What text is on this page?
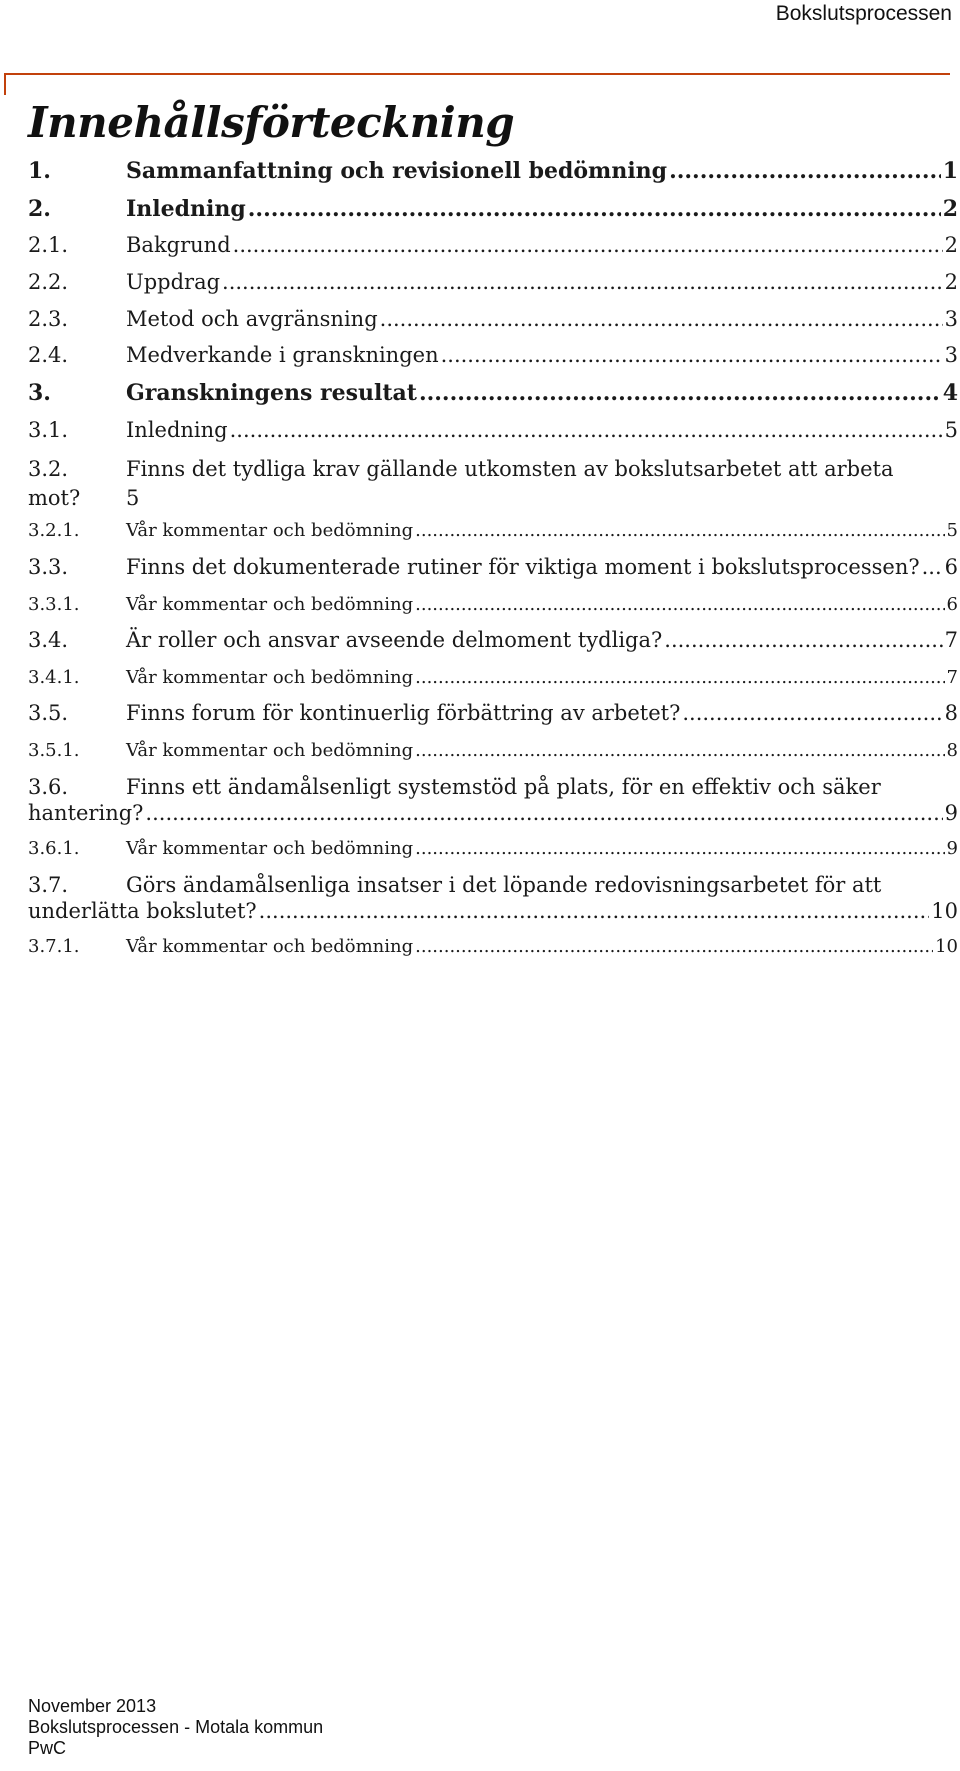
Bokslutsprocessen
Innehållsförteckning
1.	Sammanfattning och revisionell bedömning .....	1
2.	Inledning .....	2
2.1.	Bakgrund .....	2
2.2.	Uppdrag .....	2
2.3.	Metod och avgränsning .....	3
2.4.	Medverkande i granskningen .....	3
3.	Granskningens resultat .....	4
3.1.	Inledning .....	5
3.2.	Finns det tydliga krav gällande utkomsten av bokslutsarbetet att arbeta
mot? 5
3.2.1.	Vår kommentar och bedömning .....	5
3.3.	Finns det dokumenterade rutiner för viktiga moment i bokslutsprocessen? ..... 6
3.3.1.	Vår kommentar och bedömning .....	6
3.4.	Är roller och ansvar avseende delmoment tydliga? .....	7
3.4.1.	Vår kommentar och bedömning .....	7
3.5.	Finns forum för kontinuerlig förbättring av arbetet? .....	8
3.5.1.	Vår kommentar och bedömning .....	8
3.6.	Finns ett ändamålsenligt systemstöd på plats, för en effektiv och säker
hantering? .....	9
3.6.1.	Vår kommentar och bedömning .....	9
3.7.	Görs ändamålsenliga insatser i det löpande redovisningsarbetet för att
underlätta bokslutet? .....	10
3.7.1.	Vår kommentar och bedömning .....	10
November 2013
Bokslutsprocessen - Motala kommun
PwC
